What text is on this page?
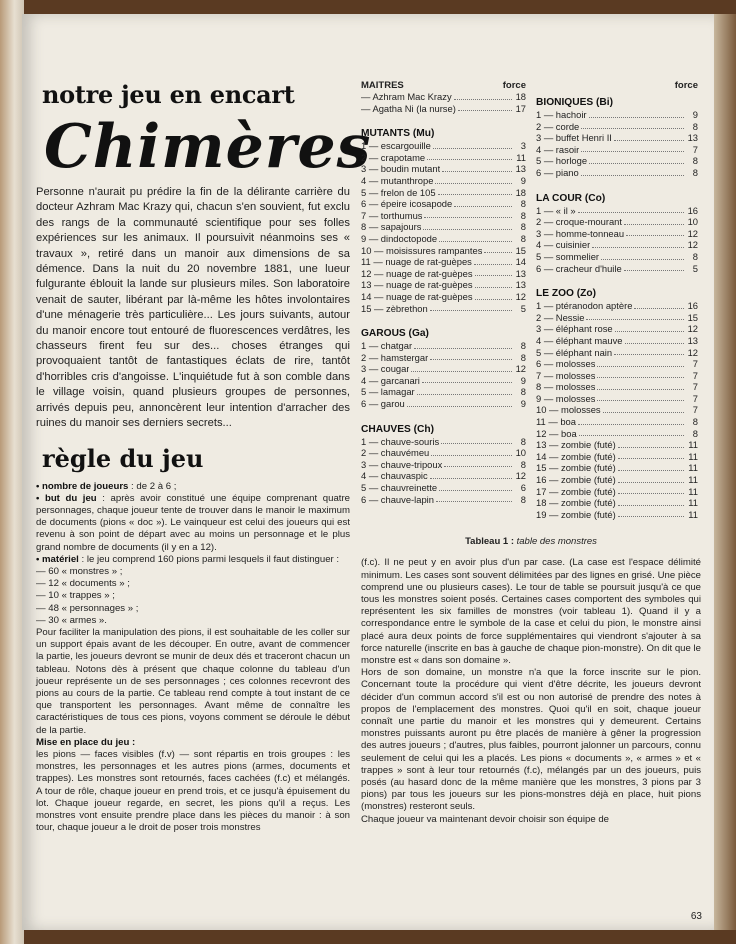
notre jeu en encart
Chimères
Personne n'aurait pu prédire la fin de la délirante carrière du docteur Azhram Mac Krazy qui, chacun s'en souvient, fut exclu des rangs de la communauté scientifique pour ses folles expériences sur les animaux. Il poursuivit néanmoins ses « travaux », retiré dans un manoir aux dimensions de sa démence. Dans la nuit du 20 novembre 1881, une lueur fulgurante éblouit la lande sur plusieurs miles. Son laboratoire venait de sauter, libérant par là-même les hôtes involontaires d'une ménagerie très particulière... Les jours suivants, autour du manoir encore tout entouré de fluorescences verdâtres, les chasseurs firent feu sur des... choses étranges qui provoquaient tantôt de fantastiques éclats de rire, tantôt d'horribles cris d'angoisse. L'inquiétude fut à son comble dans le village voisin, quand plusieurs groupes de personnes, arrivés depuis peu, annoncèrent leur intention d'arracher des ruines du manoir ses derniers secrets...
règle du jeu

• nombre de joueurs : de 2 à 6 ;

• but du jeu : après avoir constitué une équipe comprenant quatre personnages, chaque joueur tente de trouver dans le manoir le maximum de documents (pions « doc »). Le vainqueur est celui des joueurs qui est revenu à son point de départ avec au moins un personnage et le plus grand nombre de documents (il y en a 12).

• matériel : le jeu comprend 160 pions parmi lesquels il faut distinguer :

— 60 « monstres » ;

— 12 « documents » ;

— 10 « trappes » ;

— 48 « personnages » ;

— 30 « armes ».

Pour faciliter la manipulation des pions, il est souhaitable de les coller sur un support épais avant de les découper. En outre, avant de commencer la partie, les joueurs devront se munir de deux dés et traceront chacun un tableau. Notons dès à présent que chaque colonne du tableau d'un joueur représente un de ses personnages ; ces colonnes recevront des pions au cours de la partie. Ce tableau rend compte à tout instant de ce que transportent les personnages. Avant même de connaître les caractéristiques de tous ces pions, voyons comment se déroule le début de la partie.

Mise en place du jeu :

les pions — faces visibles (f.v) — sont répartis en trois groupes : les monstres, les personnages et les autres pions (armes, documents et trappes). Les monstres sont retournés, faces cachées (f.c) et mélangés. A tour de rôle, chaque joueur en prend trois, et ce jusqu'à épuisement du lot. Chaque joueur regarde, en secret, les pions qu'il a reçus. Les monstres vont ensuite prendre place dans les pièces du manoir : à son tour, chaque joueur a le droit de poser trois monstres

MAITRES	force
— Azhram Mac Krazy	18
— Agatha Ni (la nurse)	17
MUTANTS (Mu)
1 — escargouille	3
2 — crapotame	11
3 — boudin mutant	13
4 — mutanthrope	9
5 — frelon de 105	18
6 — épeire icosapode	8
7 — torthumus	8
8 — sapajours	8
9 — dindoctopode	8
10 — moisissures rampantes	15
11 — nuage de rat-guèpes	14
12 — nuage de rat-guèpes	13
13 — nuage de rat-guèpes	13
14 — nuage de rat-guèpes	12
15 — zèbrethon	5
GAROUS (Ga)
1 — chatgar	8
2 — hamstergar	8
3 — cougar	12
4 — garcanari	9
5 — lamagar	8
6 — garou	9
CHAUVES (Ch)
1 — chauve-souris	8
2 — chauvémeu	10
3 — chauve-tripoux	8
4 — chauvaspic	12
5 — chauvreinette	6
6 — chauve-lapin	8
force
BIONIQUES (Bi)
1 — hachoir	9
2 — corde	8
3 — buffet Henri II	13
4 — rasoir	7
5 — horloge	8
6 — piano	8
LA COUR (Co)
1 — « il »	16
2 — croque-mourant	10
3 — homme-tonneau	12
4 — cuisinier	12
5 — sommelier	8
6 — cracheur d'huile	5
LE ZOO (Zo)
1 — ptéranodon aptère	16
2 — Nessie	15
3 — éléphant rose	12
4 — éléphant mauve	13
5 — éléphant nain	12
6 — molosses	7
7 — molosses	7
8 — molosses	7
9 — molosses	7
10 — molosses	7
11 — boa	8
12 — boa	8
13 — zombie (futé)	11
14 — zombie (futé)	11
15 — zombie (futé)	11
16 — zombie (futé)	11
17 — zombie (futé)	11
18 — zombie (futé)	11
19 — zombie (futé)	11
Tableau 1 : table des monstres

(f.c). Il ne peut y en avoir plus d'un par case. (La case est l'espace délimité minimum. Les cases sont souvent délimitées par des lignes en grisé. Une pièce comprend une ou plusieurs cases). Le tour de table se poursuit jusqu'à ce que tous les monstres soient posés. Certaines cases comportent des symboles qui représentent les six familles de monstres (voir tableau 1). Quand il y a correspondance entre le symbole de la case et celui du pion, le monstre ainsi placé aura deux points de force supplémentaires qui viendront s'ajouter à sa force naturelle (inscrite en bas à gauche de chaque pion-monstre). On dit que le monstre est « dans son domaine ».

Hors de son domaine, un monstre n'a que la force inscrite sur le pion. Concernant toute la procédure qui vient d'être décrite, les joueurs devront décider d'un commun accord s'il est ou non autorisé de prendre des notes à propos de l'emplacement des monstres. Quoi qu'il en soit, chaque joueur connaît une partie du manoir et les monstres qui y demeurent. Certains monstres puissants auront pu être placés de manière à gêner la progression des autres joueurs ; d'autres, plus faibles, pourront jalonner un parcours, connu seulement de celui qui les a placés. Les pions « documents », « armes » et « trappes » sont à leur tour retournés (f.c), mélangés par un des joueurs, puis posés (au hasard donc de la même manière que les monstres, 3 pions par 3 pions) par tous les joueurs sur les pions-monstres déjà en place, huit pions (monstres) resteront seuls.

Chaque joueur va maintenant devoir choisir son équipe de

63
